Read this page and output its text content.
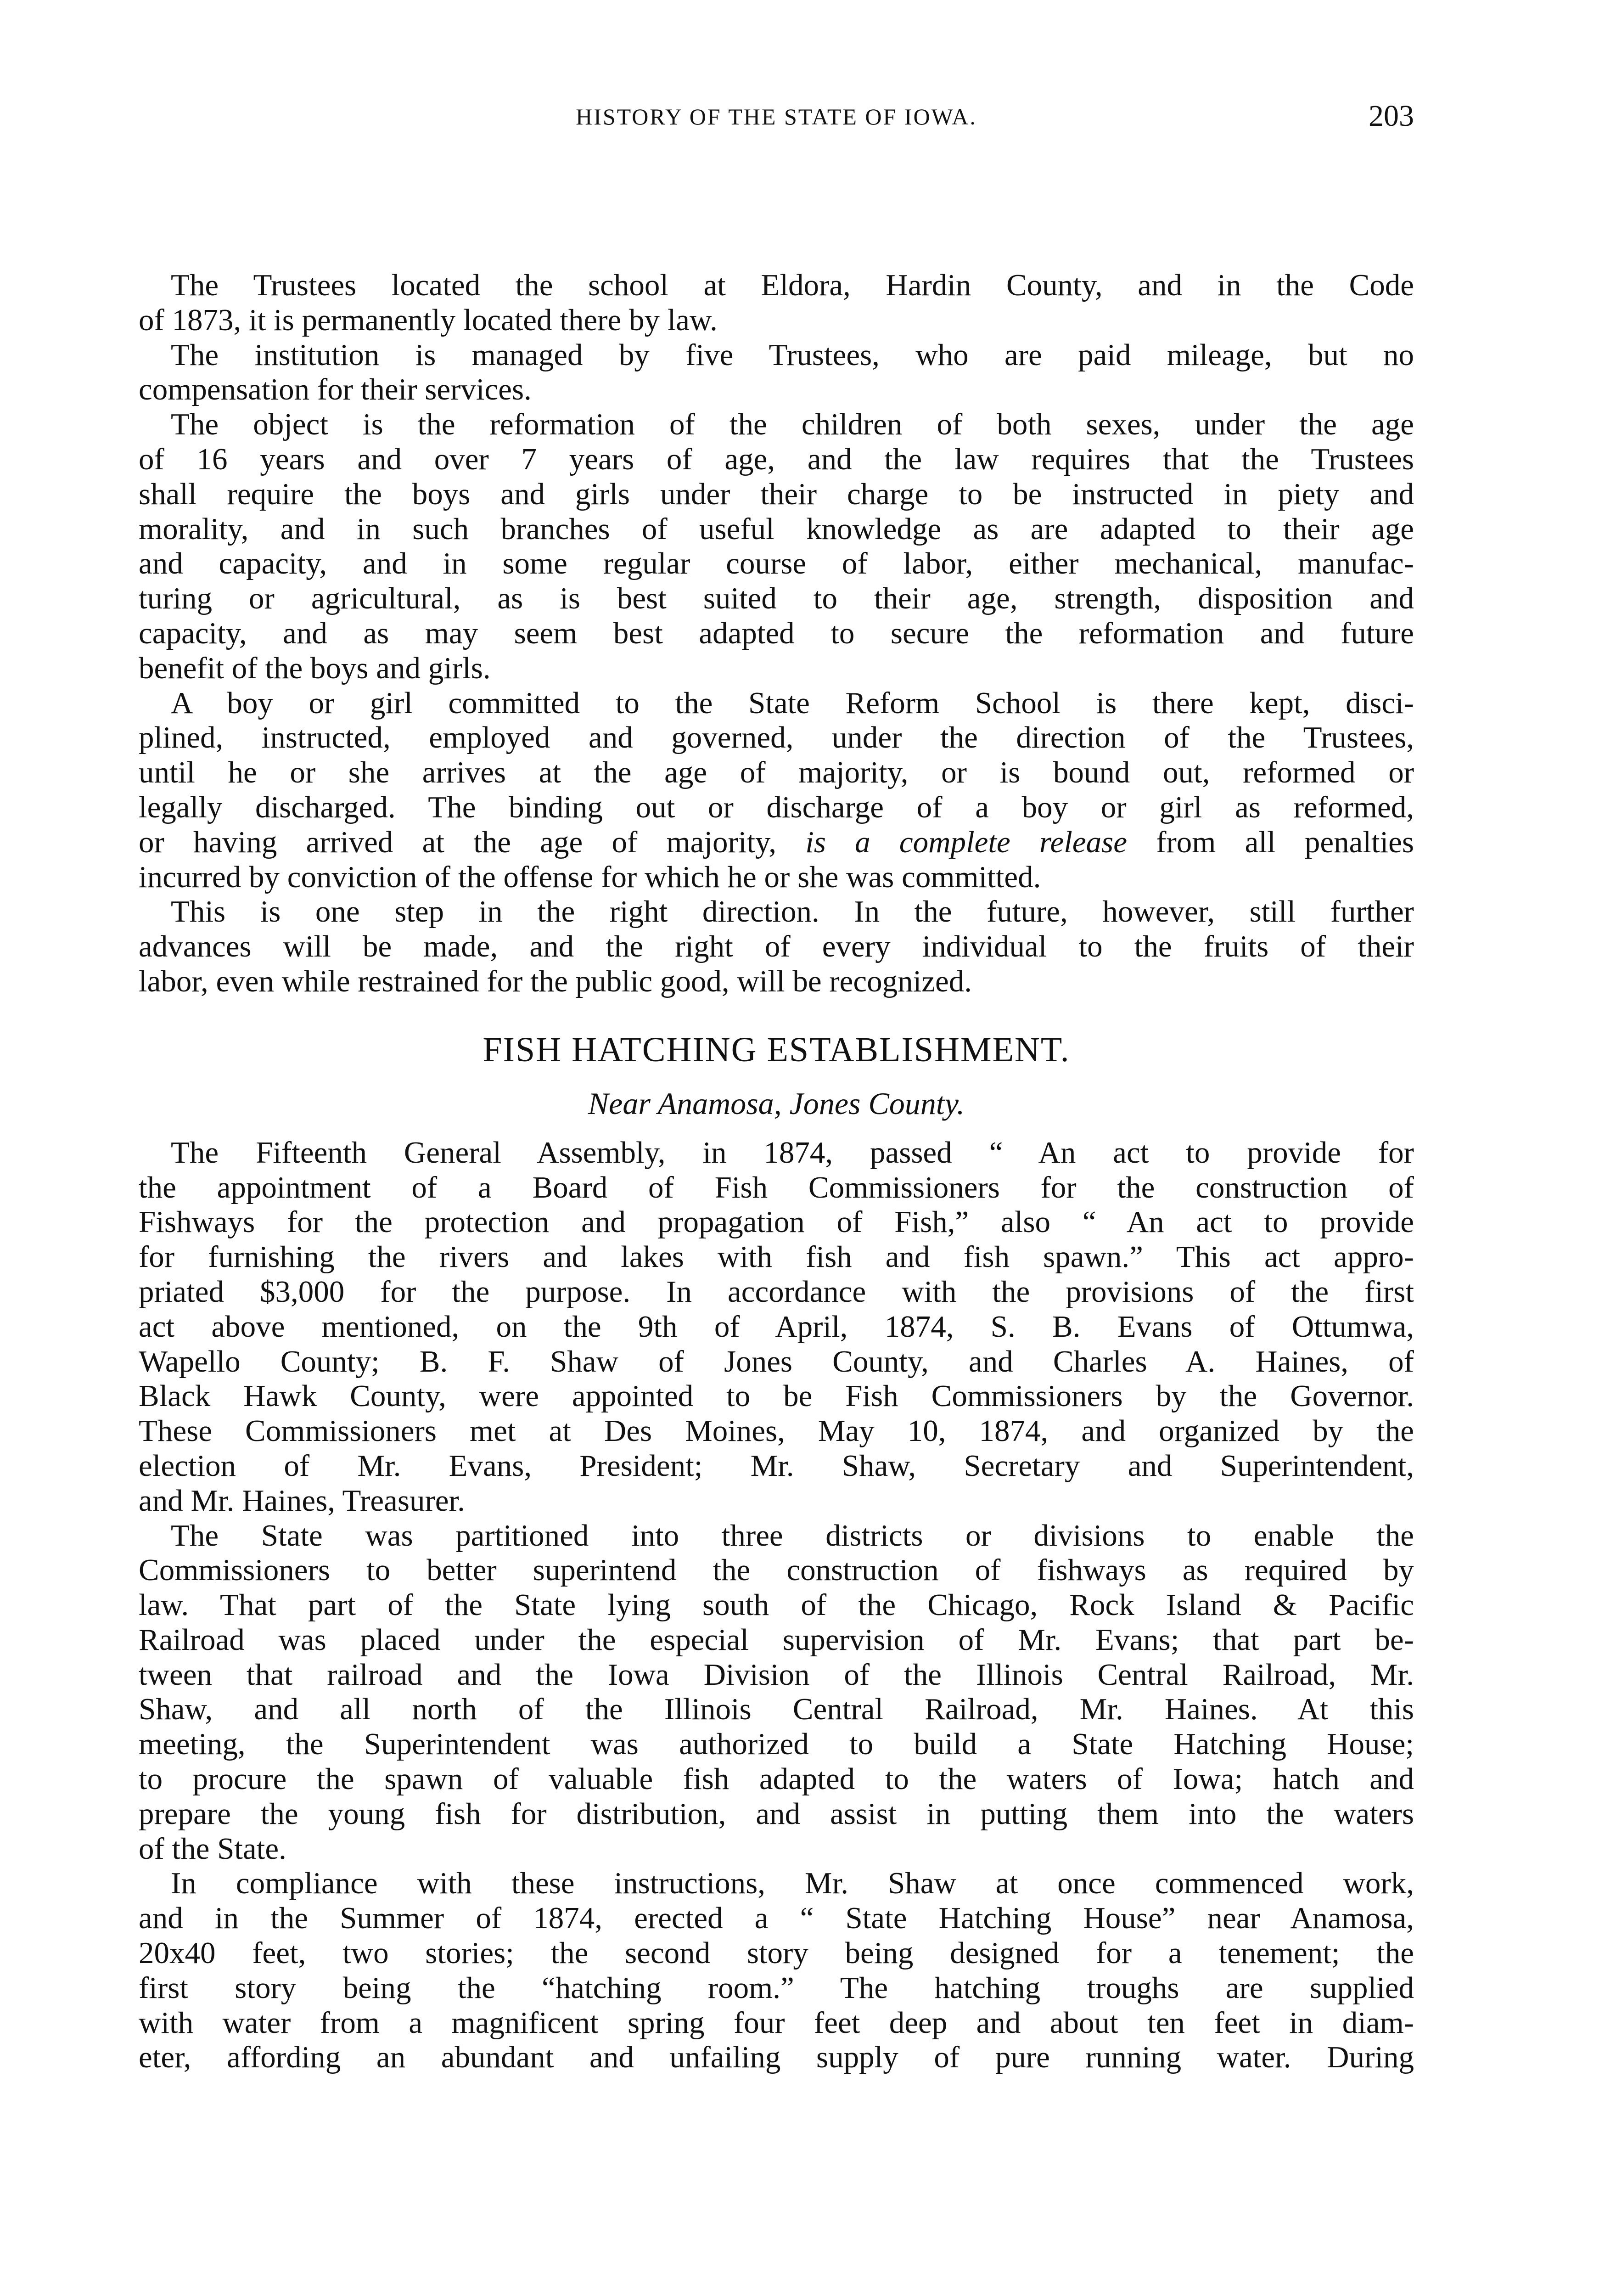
HISTORY OF THE STATE OF IOWA.	203
The Trustees located the school at Eldora, Hardin County, and in the Code
of 1873, it is permanently located there by law.
The institution is managed by five Trustees, who are paid mileage, but no
compensation for their services.
The object is the reformation of the children of both sexes, under the age
of 16 years and over 7 years of age, and the law requires that the Trustees
shall require the boys and girls under their charge to be instructed in piety and
morality, and in such branches of useful knowledge as are adapted to their age
and capacity, and in some regular course of labor, either mechanical, manufac-
turing or agricultural, as is best suited to their age, strength, disposition and
capacity, and as may seem best adapted to secure the reformation and future
benefit of the boys and girls.
A boy or girl committed to the State Reform School is there kept, disci-
plined, instructed, employed and governed, under the direction of the Trustees,
until he or she arrives at the age of majority, or is bound out, reformed or
legally discharged. The binding out or discharge of a boy or girl as reformed,
or having arrived at the age of majority, is a complete release from all penalties
incurred by conviction of the offense for which he or she was committed.
This is one step in the right direction. In the future, however, still further
advances will be made, and the right of every individual to the fruits of their
labor, even while restrained for the public good, will be recognized.
FISH HATCHING ESTABLISHMENT.
Near Anamosa, Jones County.
The Fifteenth General Assembly, in 1874, passed “ An act to provide for
the appointment of a Board of Fish Commissioners for the construction of
Fishways for the protection and propagation of Fish,” also “ An act to provide
for furnishing the rivers and lakes with fish and fish spawn.” This act appro-
priated $3,000 for the purpose. In accordance with the provisions of the first
act above mentioned, on the 9th of April, 1874, S. B. Evans of Ottumwa,
Wapello County; B. F. Shaw of Jones County, and Charles A. Haines, of
Black Hawk County, were appointed to be Fish Commissioners by the Governor.
These Commissioners met at Des Moines, May 10, 1874, and organized by the
election of Mr. Evans, President; Mr. Shaw, Secretary and Superintendent,
and Mr. Haines, Treasurer.
The State was partitioned into three districts or divisions to enable the
Commissioners to better superintend the construction of fishways as required by
law. That part of the State lying south of the Chicago, Rock Island & Pacific
Railroad was placed under the especial supervision of Mr. Evans; that part be-
tween that railroad and the Iowa Division of the Illinois Central Railroad, Mr.
Shaw, and all north of the Illinois Central Railroad, Mr. Haines. At this
meeting, the Superintendent was authorized to build a State Hatching House;
to procure the spawn of valuable fish adapted to the waters of Iowa; hatch and
prepare the young fish for distribution, and assist in putting them into the waters
of the State.
In compliance with these instructions, Mr. Shaw at once commenced work,
and in the Summer of 1874, erected a “ State Hatching House” near Anamosa,
20x40 feet, two stories; the second story being designed for a tenement; the
first story being the “hatching room.” The hatching troughs are supplied
with water from a magnificent spring four feet deep and about ten feet in diam-
eter, affording an abundant and unfailing supply of pure running water. During
